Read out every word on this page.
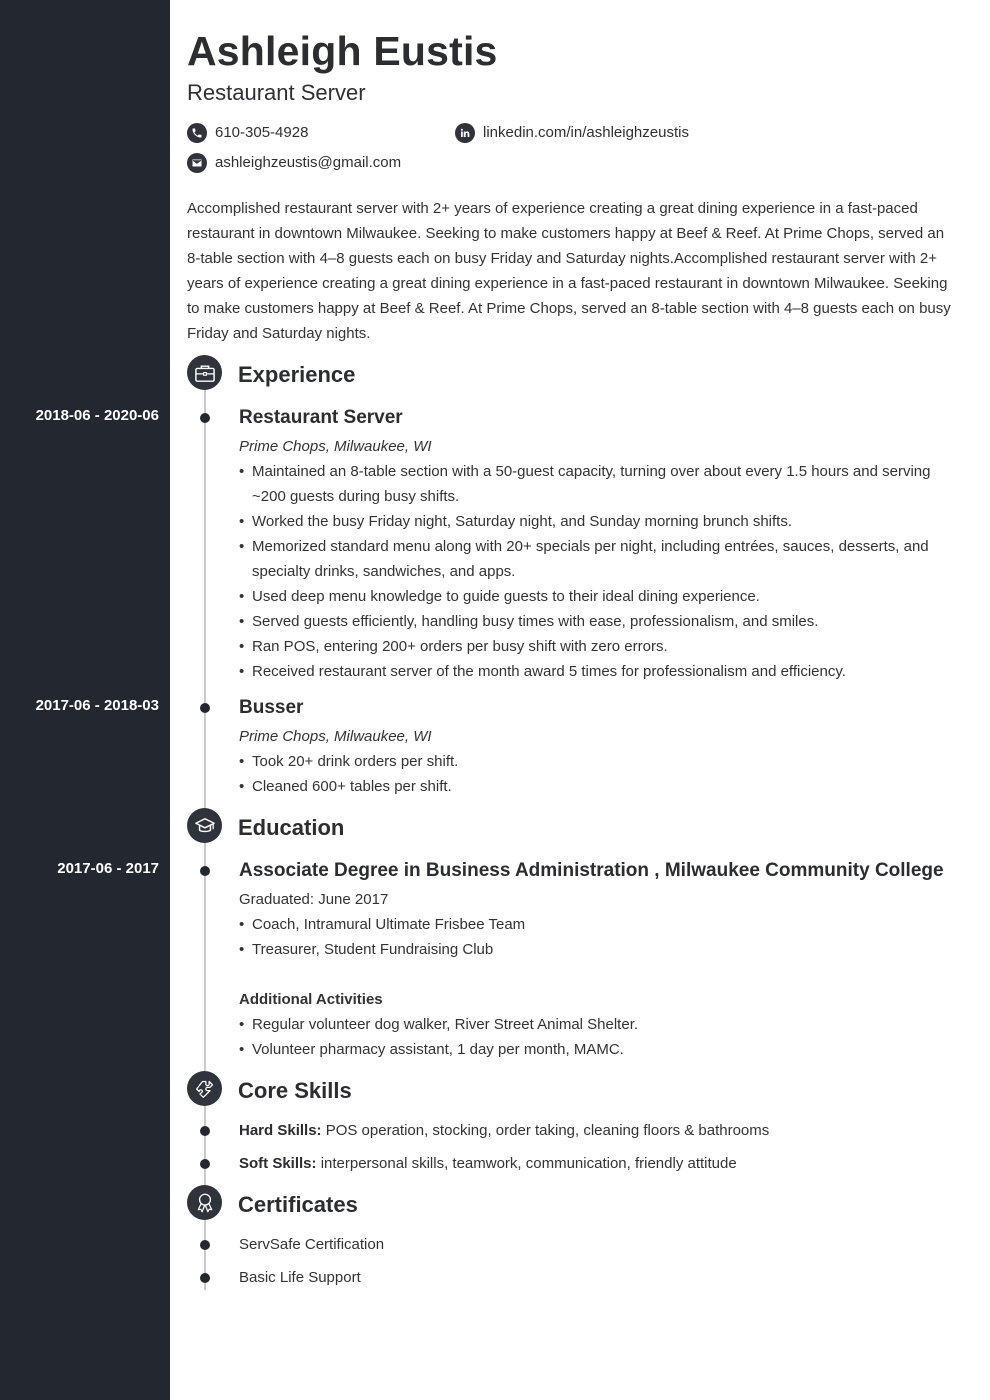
2018-06 - 2020-06
2017-06 - 2018-03
2017-06 - 2017
Ashleigh Eustis
Restaurant Server
610-305-4928	linkedin.com/in/ashleighzeustis
ashleighzeustis@gmail.com
Accomplished restaurant server with 2+ years of experience creating a great dining experience in a fast-paced restaurant in downtown Milwaukee. Seeking to make customers happy at Beef & Reef. At Prime Chops, served an 8-table section with 4–8 guests each on busy Friday and Saturday nights.Accomplished restaurant server with 2+ years of experience creating a great dining experience in a fast-paced restaurant in downtown Milwaukee. Seeking to make customers happy at Beef & Reef. At Prime Chops, served an 8-table section with 4–8 guests each on busy Friday and Saturday nights.
Experience
Restaurant Server
Prime Chops, Milwaukee, WI
• Maintained an 8-table section with a 50-guest capacity, turning over about every 1.5 hours and serving ~200 guests during busy shifts.
• Worked the busy Friday night, Saturday night, and Sunday morning brunch shifts.
• Memorized standard menu along with 20+ specials per night, including entrées, sauces, desserts, and specialty drinks, sandwiches, and apps.
• Used deep menu knowledge to guide guests to their ideal dining experience.
• Served guests efficiently, handling busy times with ease, professionalism, and smiles.
• Ran POS, entering 200+ orders per busy shift with zero errors.
• Received restaurant server of the month award 5 times for professionalism and efficiency.
Busser
Prime Chops, Milwaukee, WI
• Took 20+ drink orders per shift.
• Cleaned 600+ tables per shift.
Education
Associate Degree in Business Administration , Milwaukee Community College
Graduated: June 2017
• Coach, Intramural Ultimate Frisbee Team
• Treasurer, Student Fundraising Club
Additional Activities
• Regular volunteer dog walker, River Street Animal Shelter.
• Volunteer pharmacy assistant, 1 day per month, MAMC.
Core Skills
Hard Skills: POS operation, stocking, order taking, cleaning floors & bathrooms
Soft Skills: interpersonal skills, teamwork, communication, friendly attitude
Certificates
ServSafe Certification
Basic Life Support
